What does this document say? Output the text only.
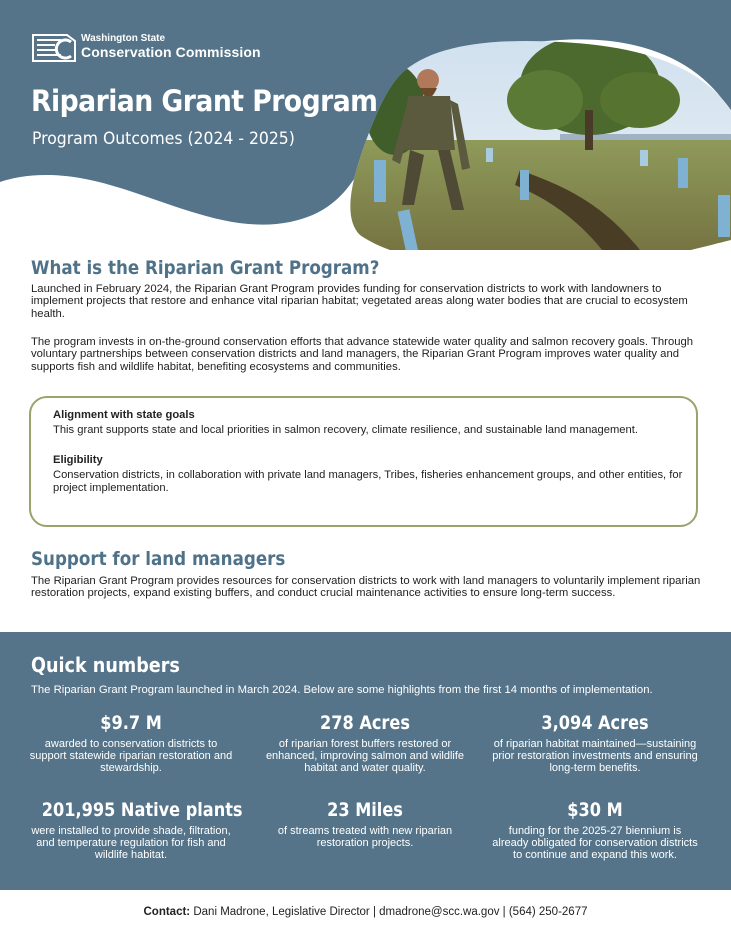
Washington State
Conservation Commission
Riparian Grant Program
Program Outcomes (2024 - 2025)
What is the Riparian Grant Program?
Launched in February 2024, the Riparian Grant Program provides funding for conservation districts to work with landowners to implement projects that restore and enhance vital riparian habitat; vegetated areas along water bodies that are crucial to ecosystem health.
The program invests in on-the-ground conservation efforts that advance statewide water quality and salmon recovery goals. Through voluntary partnerships between conservation districts and land managers, the Riparian Grant Program improves water quality and supports fish and wildlife habitat, benefiting ecosystems and communities.
Alignment with state goals
This grant supports state and local priorities in salmon recovery, climate resilience, and sustainable land management.
Eligibility
Conservation districts, in collaboration with private land managers, Tribes, fisheries enhancement groups, and other entities, for project implementation.
Support for land managers
The Riparian Grant Program provides resources for conservation districts to work with land managers to voluntarily implement riparian restoration projects, expand existing buffers, and conduct crucial maintenance activities to ensure long-term success.
Quick numbers
The Riparian Grant Program launched in March 2024. Below are some highlights from the first 14 months of implementation.
$9.7 M
awarded to conservation districts to support statewide riparian restoration and stewardship.
278 Acres
of riparian forest buffers restored or enhanced, improving salmon and wildlife habitat and water quality.
3,094 Acres
of riparian habitat maintained—sustaining prior restoration investments and ensuring long-term benefits.
201,995 Native plants
were installed to provide shade, filtration, and temperature regulation for fish and wildlife habitat.
23 Miles
of streams treated with new riparian restoration projects.
$30 M
funding for the 2025-27 biennium is already obligated for conservation districts to continue and expand this work.
Contact: Dani Madrone, Legislative Director | dmadrone@scc.wa.gov | (564) 250-2677
